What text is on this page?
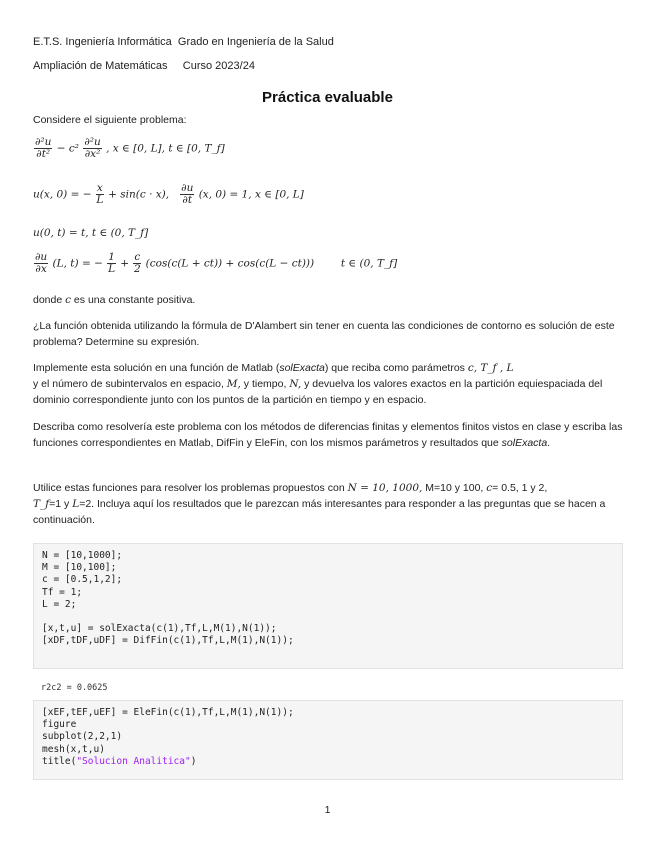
E.T.S. Ingeniería Informática  Grado en Ingeniería de la Salud
Ampliación de Matemáticas     Curso 2023/24
Práctica evaluable
Considere el siguiente problema:
$\frac{\text{∂²u}}{\text{∂t²}} - c^2 \frac{\text{∂²u}}{\text{∂x²}}$ , x ∈ [0, L], t ∈ [0, T_f]
u(x, 0) = − $\frac{x}{L} + \sin(c \cdot x)$, $\frac{\partial u}{\partial t} (x$, 0) = 1, x ∈ [0, L]
u(0, t) = t, t ∈ (0, T_f]
$\frac{\partial u}{\partial x} (L$, t) = − $\frac{1}{L} + \frac{c}{2} (\cos(c(L + ct)) + \cos(c(L - ct)))$	t ∈ (0, T_f]
donde c es una constante positiva.
¿La función obtenida utilizando la fórmula de D'Alambert sin tener en cuenta las condiciones de contorno es solución de este problema? Determine su expresión.
Implemente esta solución en una función de Matlab (solExacta) que reciba como parámetros c, T_f , L
y el número de subintervalos en espacio, M, y tiempo, N, y devuelva los valores exactos en la partición equiespaciada del dominio correspondiente junto con los puntos de la partición en tiempo y en espacio.
Describa como resolvería este problema con los métodos de diferencias finitas y elementos finitos vistos en clase y escriba las funciones correspondientes en Matlab, DifFin y EleFin, con los mismos parámetros y resultados que solExacta.
Utilice estas funciones para resolver los problemas propuestos con N = 10, 1000, M=10 y 100, c= 0.5, 1 y 2,
T_f=1 y L=2. Incluya aquí los resultados que le parezcan más interesantes para responder a las preguntas que se hacen a continuación.
N = [10,1000];
M = [10,100];
c = [0.5,1,2];
Tf = 1;
L = 2;

[x,t,u] = solExacta(c(1),Tf,L,M(1),N(1));
[xDF,tDF,uDF] = DifFin(c(1),Tf,L,M(1),N(1));
r2c2 = 0.0625
[xEF,tEF,uEF] = EleFin(c(1),Tf,L,M(1),N(1));
figure
subplot(2,2,1)
mesh(x,t,u)
title("Solucion Analitica")
1
